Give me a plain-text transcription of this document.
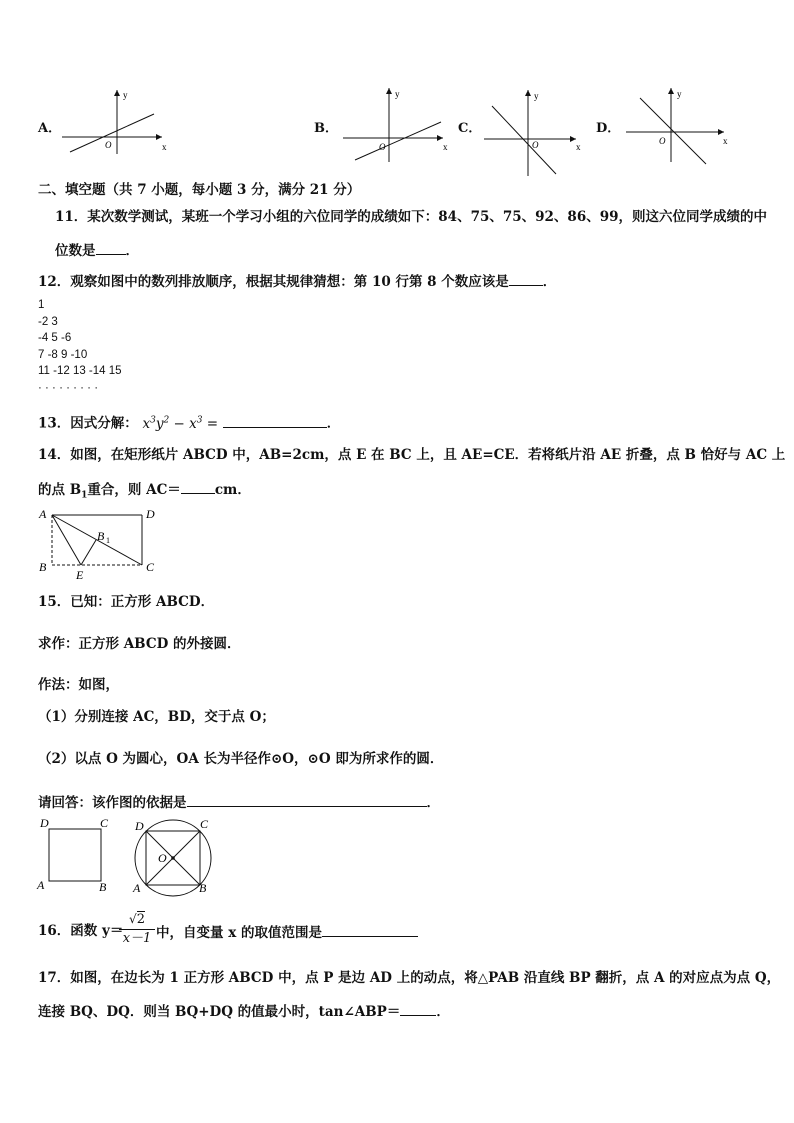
A．
y
x
O
B．
y
x
O
C．
y
x
O
D．
y
x
O
二、填空题（共 7 小题，每小题 3 分，满分 21 分）
11．某次数学测试，某班一个学习小组的六位同学的成绩如下：84、75、75、92、86、99，则这六位同学成绩的中
位数是 ．
12．观察如图中的数列排放顺序，根据其规律猜想：第 10 行第 8 个数应该是	．
1
-2 3
-4 5 -6
7 -8 9 -10
11 -12 13 -14 15
· · · · · · · · ·
13．因式分解： $x^3y^2 - x^3$ =	．
14．如图，在矩形纸片 ABCD 中，AB=2cm，点 E 在 BC 上，且 AE=CE．若将纸片沿 AE 折叠，点 B 恰好与 AC 上
的点 $B_1$重合，则 AC＝	cm．
A	D
B	C
E
B 1
15．已知：正方形 ABCD．
求作：正方形 ABCD 的外接圆．
作法：如图，
（1）分别连接 AC，BD，交于点 O；
（2）以点 O 为圆心，OA 长为半径作⊙O，⊙O 即为所求作的圆．
请回答：该作图的依据是	．
D	C
A	B
D	C
A	B
O
16．函数 y＝
√2
x－1 中，自变量 x 的取值范围是
17．如图，在边长为 1 正方形 ABCD 中，点 P 是边 AD 上的动点，将△PAB 沿直线 BP 翻折，点 A 的对应点为点 Q，
连接 BQ、DQ．则当 BQ+DQ 的值最小时，tan∠ABP＝	．
